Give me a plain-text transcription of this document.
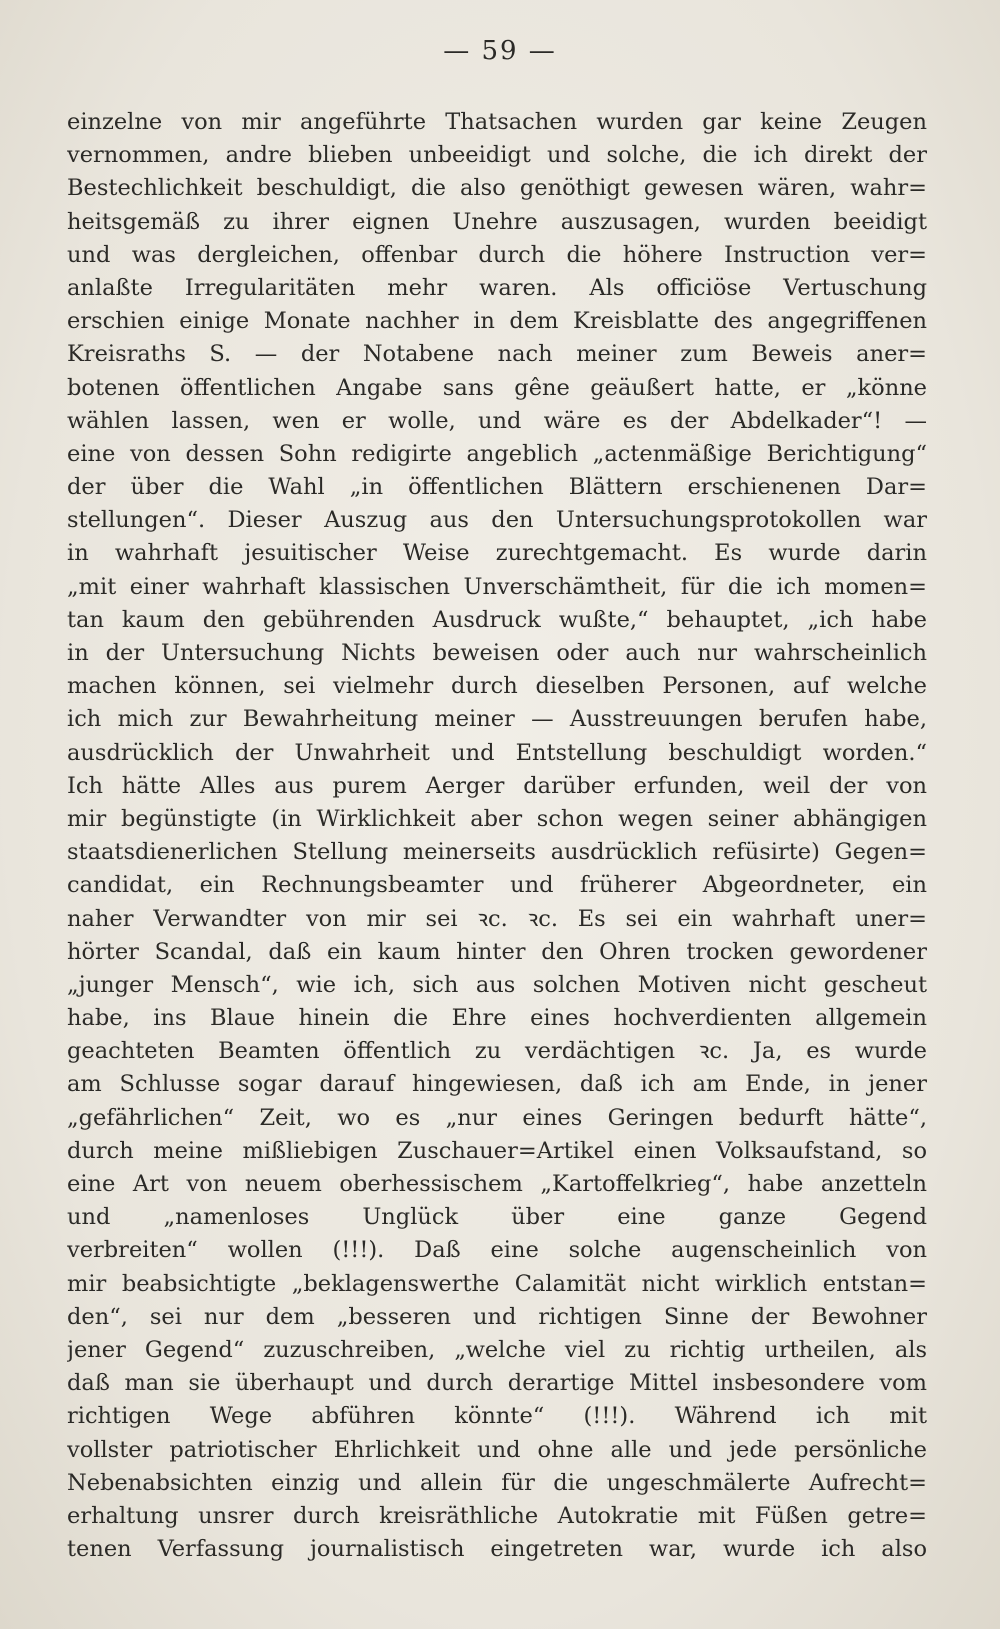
— 59 —
einzelne von mir angeführte Thatsachen wurden gar keine Zeugen
vernommen, andre blieben unbeeidigt und solche, die ich direkt der
Bestechlichkeit beschuldigt, die also genöthigt gewesen wären, wahr=
heitsgemäß zu ihrer eignen Unehre auszusagen, wurden beeidigt
und was dergleichen, offenbar durch die höhere Instruction ver=
anlaßte Irregularitäten mehr waren. Als officiöse Vertuschung
erschien einige Monate nachher in dem Kreisblatte des angegriffenen
Kreisraths S. — der Notabene nach meiner zum Beweis aner=
botenen öffentlichen Angabe sans gêne geäußert hatte, er „könne
wählen lassen, wen er wolle, und wäre es der Abdelkader“! —
eine von dessen Sohn redigirte angeblich „actenmäßige Berichtigung“
der über die Wahl „in öffentlichen Blättern erschienenen Dar=
stellungen“. Dieser Auszug aus den Untersuchungsprotokollen war
in wahrhaft jesuitischer Weise zurechtgemacht. Es wurde darin
„mit einer wahrhaft klassischen Unverschämtheit, für die ich momen=
tan kaum den gebührenden Ausdruck wußte,“ behauptet, „ich habe
in der Untersuchung Nichts beweisen oder auch nur wahrscheinlich
machen können, sei vielmehr durch dieselben Personen, auf welche
ich mich zur Bewahrheitung meiner — Ausstreuungen berufen habe,
ausdrücklich der Unwahrheit und Entstellung beschuldigt worden.“
Ich hätte Alles aus purem Aerger darüber erfunden, weil der von
mir begünstigte (in Wirklichkeit aber schon wegen seiner abhängigen
staatsdienerlichen Stellung meinerseits ausdrücklich refüsirte) Gegen=
candidat, ein Rechnungsbeamter und früherer Abgeordneter, ein
naher Verwandter von mir sei ꝛc. ꝛc. Es sei ein wahrhaft uner=
hörter Scandal, daß ein kaum hinter den Ohren trocken gewordener
„junger Mensch“, wie ich, sich aus solchen Motiven nicht gescheut
habe, ins Blaue hinein die Ehre eines hochverdienten allgemein
geachteten Beamten öffentlich zu verdächtigen ꝛc. Ja, es wurde
am Schlusse sogar darauf hingewiesen, daß ich am Ende, in jener
„gefährlichen“ Zeit, wo es „nur eines Geringen bedurft hätte“,
durch meine mißliebigen Zuschauer=Artikel einen Volksaufstand, so
eine Art von neuem oberhessischem „Kartoffelkrieg“, habe anzetteln
und „namenloses Unglück über eine ganze Gegend
verbreiten“ wollen (!!!). Daß eine solche augenscheinlich von
mir beabsichtigte „beklagenswerthe Calamität nicht wirklich entstan=
den“, sei nur dem „besseren und richtigen Sinne der Bewohner
jener Gegend“ zuzuschreiben, „welche viel zu richtig urtheilen, als
daß man sie überhaupt und durch derartige Mittel insbesondere vom
richtigen Wege abführen könnte“ (!!!). Während ich mit
vollster patriotischer Ehrlichkeit und ohne alle und jede persönliche
Nebenabsichten einzig und allein für die ungeschmälerte Aufrecht=
erhaltung unsrer durch kreisräthliche Autokratie mit Füßen getre=
tenen Verfassung journalistisch eingetreten war, wurde ich also
